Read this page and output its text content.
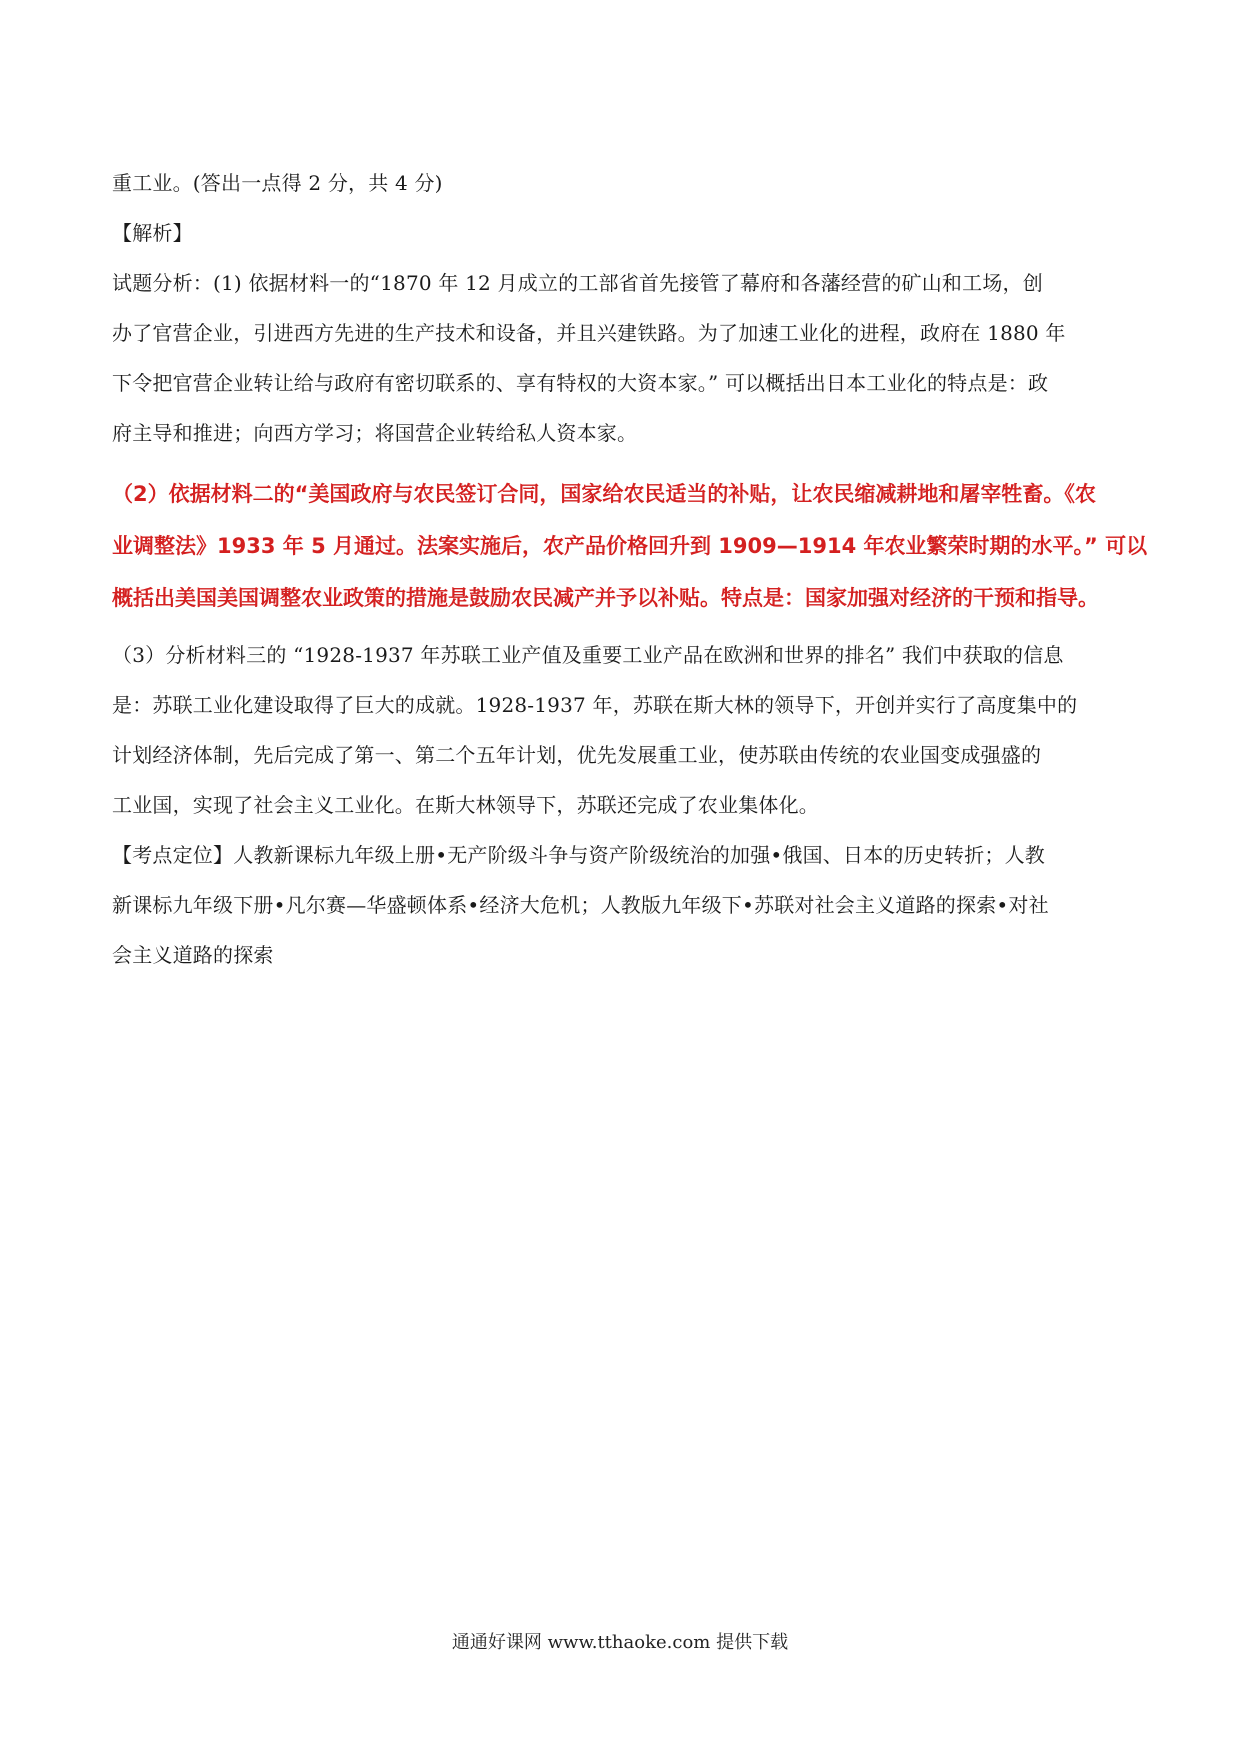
重工业。(答出一点得 2 分，共 4 分)
【解析】
试题分析：(1) 依据材料一的“1870 年 12 月成立的工部省首先接管了幕府和各藩经营的矿山和工场，创
办了官营企业，引进西方先进的生产技术和设备，并且兴建铁路。为了加速工业化的进程，政府在 1880 年
下令把官营企业转让给与政府有密切联系的、享有特权的大资本家。” 可以概括出日本工业化的特点是：政
府主导和推进；向西方学习；将国营企业转给私人资本家。
（2）依据材料二的“美国政府与农民签订合同，国家给农民适当的补贴，让农民缩减耕地和屠宰牲畜。《农
业调整法》1933 年 5 月通过。法案实施后，农产品价格回升到 1909—1914 年农业繁荣时期的水平。” 可以
概括出美国美国调整农业政策的措施是鼓励农民减产并予以补贴。特点是：国家加强对经济的干预和指导。
（3）分析材料三的 “1928-1937 年苏联工业产值及重要工业产品在欧洲和世界的排名” 我们中获取的信息
是：苏联工业化建设取得了巨大的成就。1928-1937 年，苏联在斯大林的领导下，开创并实行了高度集中的
计划经济体制，先后完成了第一、第二个五年计划，优先发展重工业，使苏联由传统的农业国变成强盛的
工业国，实现了社会主义工业化。在斯大林领导下，苏联还完成了农业集体化。
【考点定位】人教新课标九年级上册•无产阶级斗争与资产阶级统治的加强•俄国、日本的历史转折；人教
新课标九年级下册•凡尔赛—华盛顿体系•经济大危机；人教版九年级下•苏联对社会主义道路的探索•对社
会主义道路的探索
通通好课网 www.tthaoke.com 提供下载
